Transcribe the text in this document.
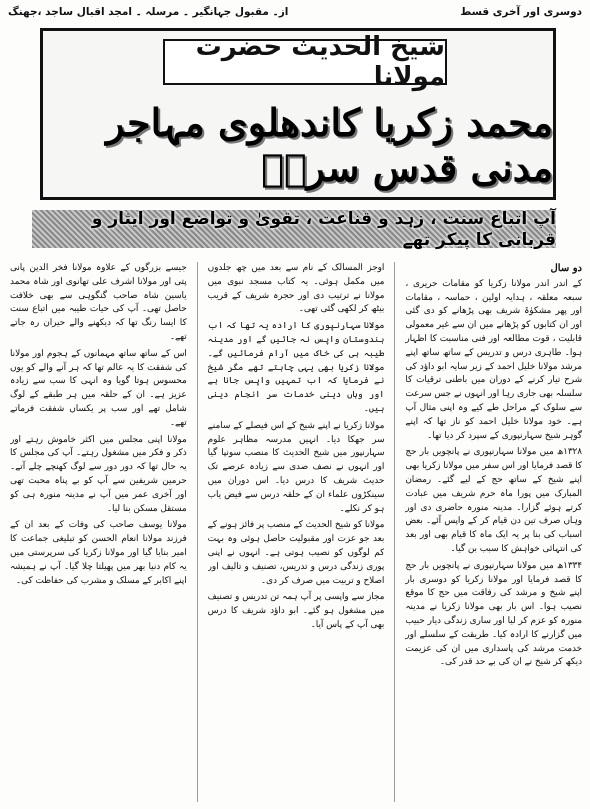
دوسری اور آخری قسط
از۔ مقبول جہانگیر ۔ مرسلہ ۔ امجد اقبال ساجد ،جھنگ
شیخ الحدیث حضرت مولانا
محمد زکریا کاندھلوی مہاجر مدنی قدس سرہٗ
آپ اتباع سنت ، زہد و قناعت ، تقویٰ و تواضع اور ایثار و قربانی کا پیکر تھے
دو سال

کے اندر اندر مولانا زکریا کو مقامات حریری ، سبعہ معلقہ ، ہدایہ اولین ، حماسہ ، مقامات اور پھر مشکوٰۃ شریف بھی پڑھانے کو دی گئی اور ان کتابوں کو پڑھانے میں ان سے غیر معمولی قابلیت ، قوت مطالعہ اور فنی مناسبت کا اظہار ہوا۔ طاہری درس و تدریس کے ساتھ ساتھ اپنے مرشد مولانا خلیل احمد کے زیر سایہ ابو داؤد کی شرح تیار کرنے کے دوران میں باطنی ترقیات کا سلسلہ بھی جاری رہا اور انہوں نے جس سرعت سے سلوک کے مراحل طے کیے وہ اپنی مثال آپ ہے۔ خود مولانا خلیل احمد کو ناز تھا کہ اپنے گوہر شیخ سہارنپوری کے سپرد کر دیا تھا۔

۱۳۲۸ھ میں مولانا سہارنپوری نے پانچویں بار حج کا قصد فرمایا اور اس سفر میں مولانا زکریا بھی اپنے شیخ کے ساتھ حج کے لیے گئے۔ رمضان المبارک میں پورا ماہ حرم شریف میں عبادت کرتے ہوئے گزارا۔ مدینہ منورہ حاضری دی اور وہاں صرف تین دن قیام کر کے واپس آئے۔ بعض اسباب کی بنا پر یہ ایک ماہ کا قیام بھی اور بعد کی انتہائی خواہش کا سبب بن گیا۔

۱۳۳۴ھ میں مولانا سہارنپوری نے پانچویں بار حج کا قصد فرمایا اور مولانا زکریا کو دوسری بار اپنے شیخ و مرشد کی رفاقت میں حج کا موقع نصیب ہوا۔ اس بار بھی مولانا زکریا نے مدینہ منورہ کو عزم کر لیا اور ساری زندگی دیار حبیب میں گزارنے کا ارادہ کیا۔ طریقت کے سلسلے اور خدمت مرشد کی پاسداری میں ان کی عزیمت دیکھ کر شیخ نے ان کی بے حد قدر کی۔

اوجز المسالک کے نام سے بعد میں چھ جلدوں میں مکمل ہوئی۔ یہ کتاب مسجد نبوی میں مولانا نے ترتیب دی اور حجرہ شریف کے قریب بیٹھ کر لکھی گئی تھی۔

مولانا سہارنپوری کا ارادہ یہ تھا کہ اب ہندوستان واپس نہ جائیں گے اور مدینہ طیبہ ہی کی خاک میں آرام فرمائیں گے۔ مولانا زکریا بھی یہی چاہتے تھے مگر شیخ نے فرمایا کہ اب تمہیں واپس جانا ہے اور وہاں دینی خدمات سر انجام دینی ہیں۔

مولانا زکریا نے اپنے شیخ کے اس فیصلے کے سامنے سر جھکا دیا۔ انہیں مدرسہ مظاہر علوم سہارنپور میں شیخ الحدیث کا منصب سونپا گیا اور انہوں نے نصف صدی سے زیادہ عرصے تک حدیث شریف کا درس دیا۔ اس دوران میں سینکڑوں علماء ان کے حلقہ درس سے فیض یاب ہو کر نکلے۔

مولانا کو شیخ الحدیث کے منصب پر فائز ہونے کے بعد جو عزت اور مقبولیت حاصل ہوئی وہ بہت کم لوگوں کو نصیب ہوتی ہے۔ انہوں نے اپنی پوری زندگی درس و تدریس، تصنیف و تالیف اور اصلاح و تربیت میں صرف کر دی۔

مجاز سے واپسی پر آپ ہمہ تن تدریس و تصنیف میں مشغول ہو گئے۔ ابو داؤد شریف کا درس بھی آپ کے پاس آیا۔

جیسے بزرگوں کے علاوہ مولانا فخر الدین پانی پتی اور مولانا اشرف علی تھانوی اور شاہ محمد یاسین شاہ صاحب گنگوہی سے بھی خلافت حاصل تھی۔ آپ کی حیات طیبہ میں اتباع سنت کا ایسا رنگ تھا کہ دیکھنے والے حیران رہ جاتے تھے۔

اس کے ساتھ ساتھ مہمانوں کے ہجوم اور مولانا کی شفقت کا یہ عالم تھا کہ ہر آنے والے کو یوں محسوس ہوتا گویا وہ انہی کا سب سے زیادہ عزیز ہے۔ ان کے حلقہ میں ہر طبقے کے لوگ شامل تھے اور سب پر یکساں شفقت فرماتے تھے۔

مولانا اپنی مجلس میں اکثر خاموش رہتے اور ذکر و فکر میں مشغول رہتے۔ آپ کی مجلس کا یہ حال تھا کہ دور دور سے لوگ کھنچے چلے آتے۔ حرمین شریفین سے آپ کو بے پناہ محبت تھی اور آخری عمر میں آپ نے مدینہ منورہ ہی کو مستقل مسکن بنا لیا۔

مولانا یوسف صاحب کی وفات کے بعد ان کے فرزند مولانا انعام الحسن کو تبلیغی جماعت کا امیر بنایا گیا اور مولانا زکریا کی سرپرستی میں یہ کام دنیا بھر میں پھیلتا چلا گیا۔ آپ نے ہمیشہ اپنے اکابر کے مسلک و مشرب کی حفاظت کی۔
